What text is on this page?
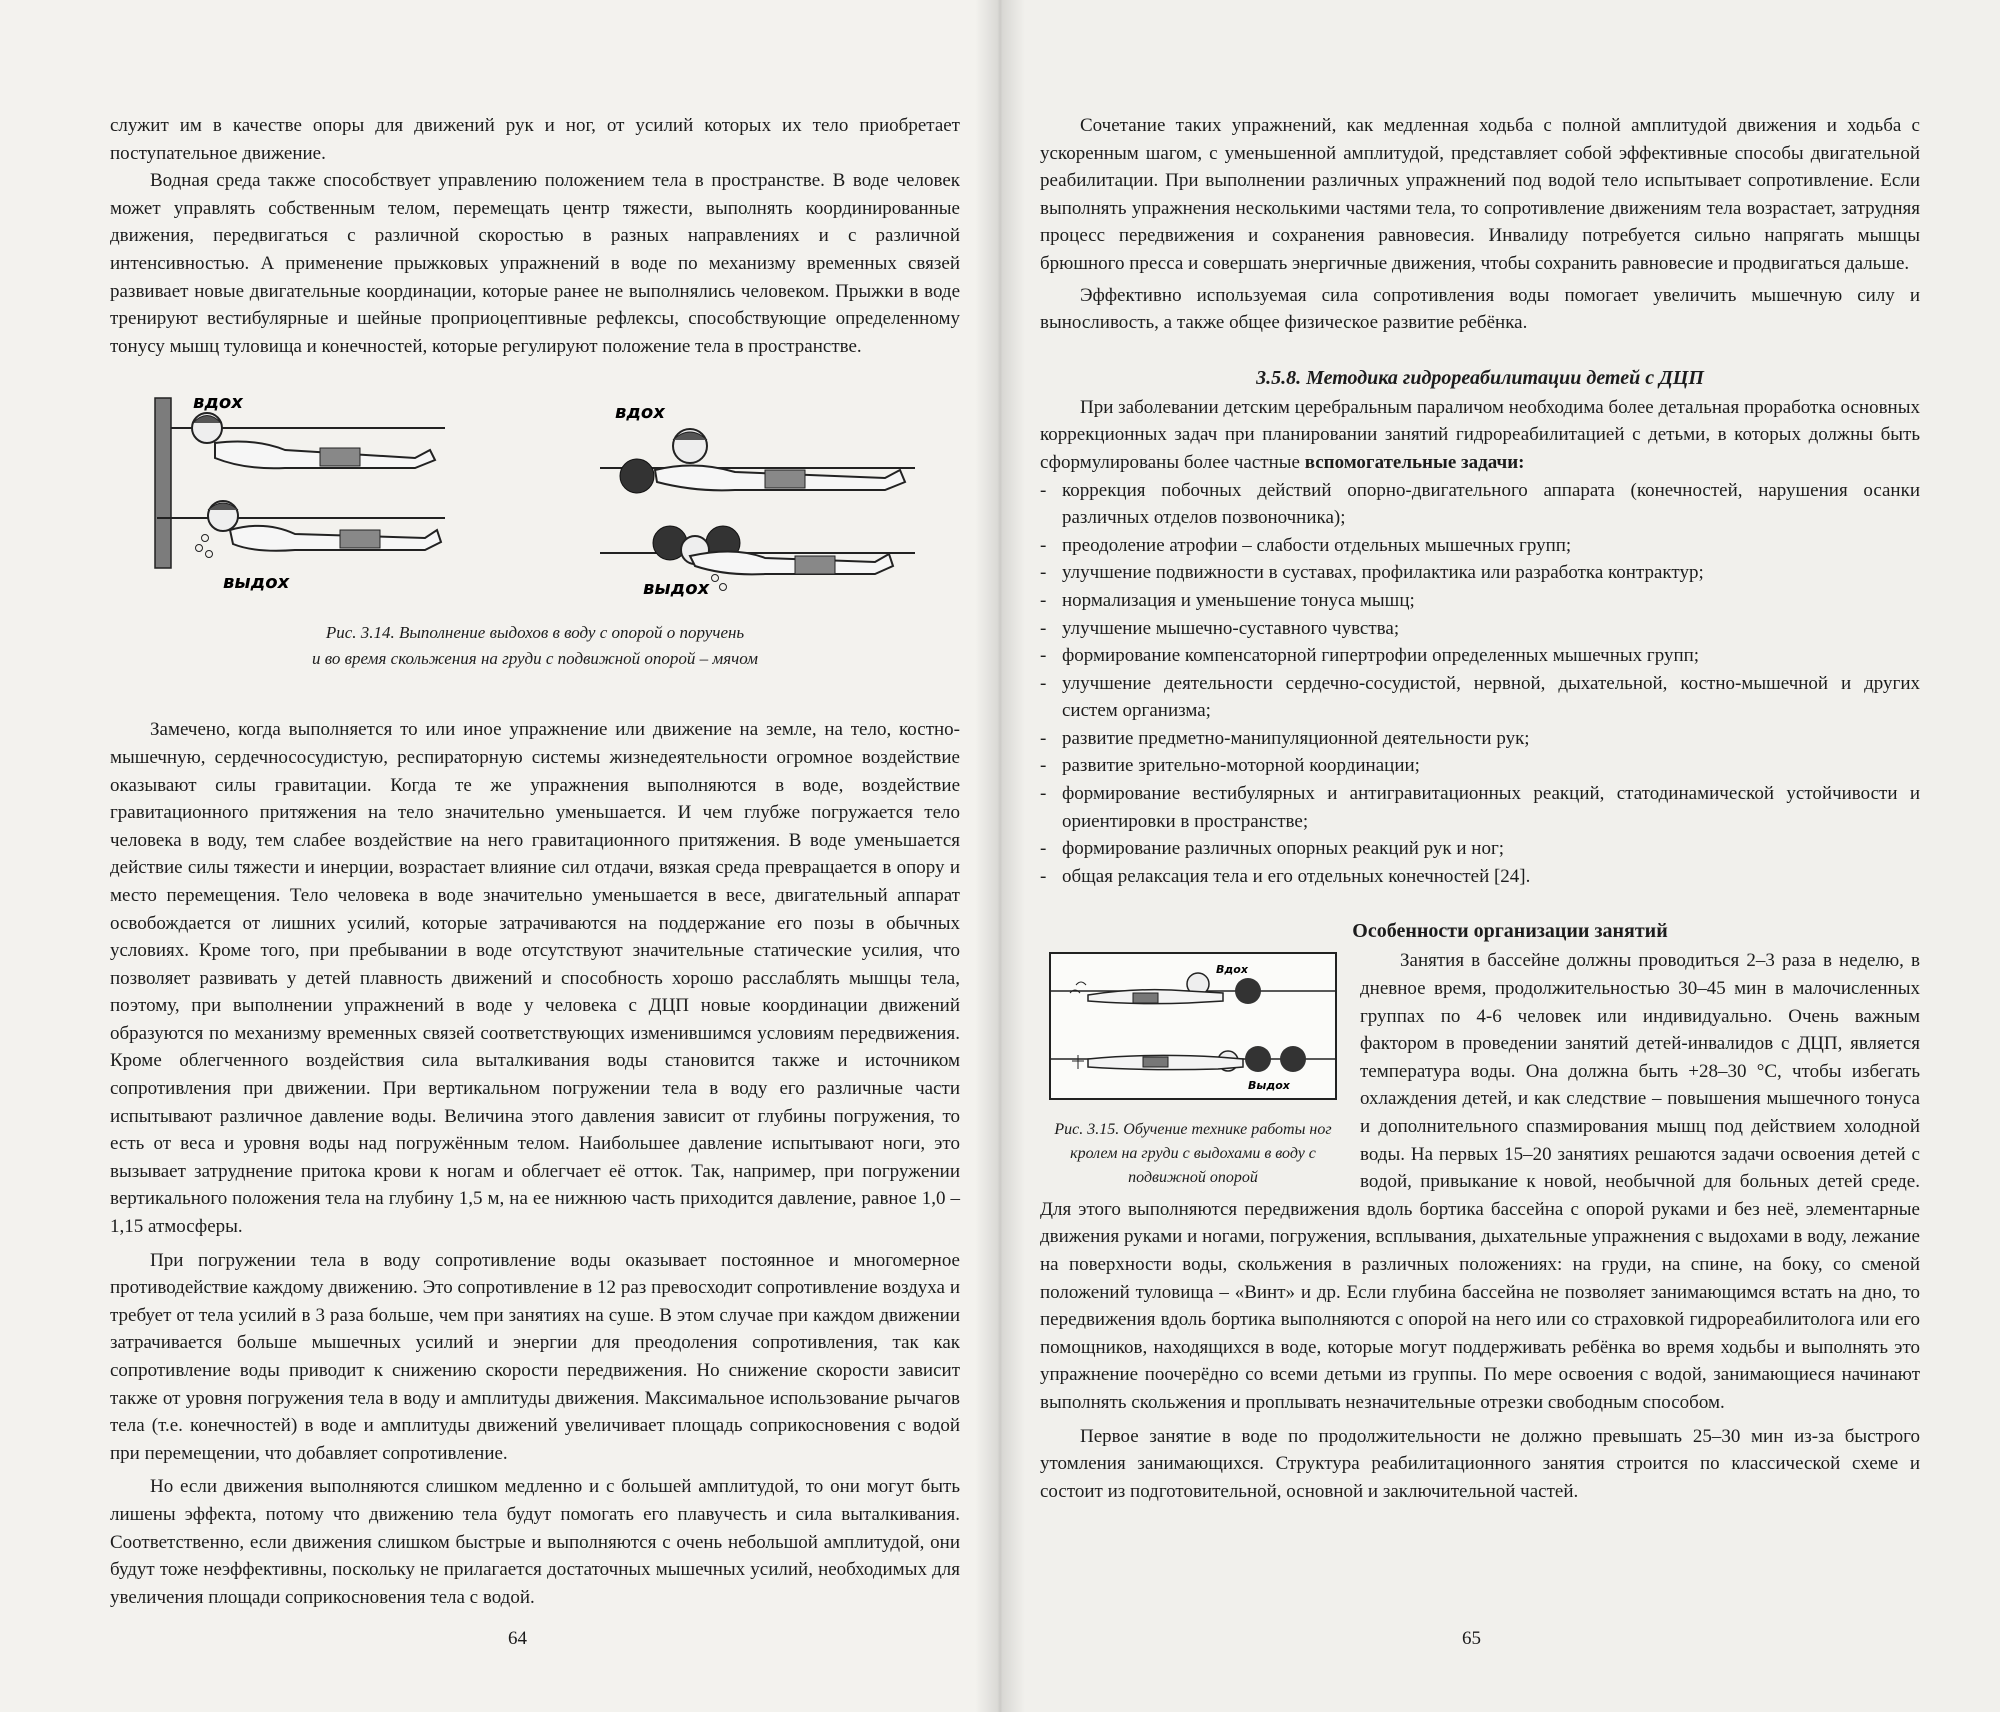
служит им в качестве опоры для движений рук и ног, от усилий которых их тело приобретает поступательное движение.

Водная среда также способствует управлению положением тела в пространстве. В воде человек может управлять собственным телом, перемещать центр тяжести, выполнять координированные движения, передвигаться с различной скоростью в разных направлениях и с различной интенсивностью. А применение прыжковых упражнений в воде по механизму временных связей развивает новые двигательные координации, которые ранее не выполнялись человеком. Прыжки в воде тренируют вестибулярные и шейные проприоцептивные рефлексы, способствующие определенному тонусу мышц туловища и конечностей, которые регулируют положение тела в пространстве.

вдох
выдох
вдох
выдох
Рис. 3.14. Выполнение выдохов в воду с опорой о поручень
и во время скольжения на груди с подвижной опорой – мячом

Замечено, когда выполняется то или иное упражнение или движение на земле, на тело, костно-мышечную, сердечнососудистую, респираторную системы жизнедеятельности огромное воздействие оказывают силы гравитации. Когда те же упражнения выполняются в воде, воздействие гравитационного притяжения на тело значительно уменьшается. И чем глубже погружается тело человека в воду, тем слабее воздействие на него гравитационного притяжения. В воде уменьшается действие силы тяжести и инерции, возрастает влияние сил отдачи, вязкая среда превращается в опору и место перемещения. Тело человека в воде значительно уменьшается в весе, двигательный аппарат освобождается от лишних усилий, которые затрачиваются на поддержание его позы в обычных условиях. Кроме того, при пребывании в воде отсутствуют значительные статические усилия, что позволяет развивать у детей плавность движений и способность хорошо расслаблять мышцы тела, поэтому, при выполнении упражнений в воде у человека с ДЦП новые координации движений образуются по механизму временных связей соответствующих изменившимся условиям передвижения. Кроме облегченного воздействия сила выталкивания воды становится также и источником сопротивления при движении. При вертикальном погружении тела в воду его различные части испытывают различное давление воды. Величина этого давления зависит от глубины погружения, то есть от веса и уровня воды над погружённым телом. Наибольшее давление испытывают ноги, это вызывает затруднение притока крови к ногам и облегчает её отток. Так, например, при погружении вертикального положения тела на глубину 1,5 м, на ее нижнюю часть приходится давление, равное 1,0 –1,15 атмосферы.

При погружении тела в воду сопротивление воды оказывает постоянное и многомерное противодействие каждому движению. Это сопротивление в 12 раз превосходит сопротивление воздуха и требует от тела усилий в 3 раза больше, чем при занятиях на суше. В этом случае при каждом движении затрачивается больше мышечных усилий и энергии для преодоления сопротивления, так как сопротивление воды приводит к снижению скорости передвижения. Но снижение скорости зависит также от уровня погружения тела в воду и амплитуды движения. Максимальное использование рычагов тела (т.е. конечностей) в воде и амплитуды движений увеличивает площадь соприкосновения с водой при перемещении, что добавляет сопротивление.

Но если движения выполняются слишком медленно и с большей амплитудой, то они могут быть лишены эффекта, потому что движению тела будут помогать его плавучесть и сила выталкивания. Соответственно, если движения слишком быстрые и выполняются с очень небольшой амплитудой, они будут тоже неэффективны, поскольку не прилагается достаточных мышечных усилий, необходимых для увеличения площади соприкосновения тела с водой.

64

Сочетание таких упражнений, как медленная ходьба с полной амплитудой движения и ходьба с ускоренным шагом, с уменьшенной амплитудой, представляет собой эффективные способы двигательной реабилитации. При выполнении различных упражнений под водой тело испытывает сопротивление. Если выполнять упражнения несколькими частями тела, то сопротивление движениям тела возрастает, затрудняя процесс передвижения и сохранения равновесия. Инвалиду потребуется сильно напрягать мышцы брюшного пресса и совершать энергичные движения, чтобы сохранить равновесие и продвигаться дальше.

Эффективно используемая сила сопротивления воды помогает увеличить мышечную силу и выносливость, а также общее физическое развитие ребёнка.

3.5.8. Методика гидрореабилитации детей с ДЦП

При заболевании детским церебральным параличом необходима более детальная проработка основных коррекционных задач при планировании занятий гидрореабилитацией с детьми, в которых должны быть сформулированы более частные вспомогательные задачи:

- коррекция побочных действий опорно-двигательного аппарата (конечностей, нарушения осанки различных отделов позвоночника);
- преодоление атрофии – слабости отдельных мышечных групп;
- улучшение подвижности в суставах, профилактика или разработка контрактур;
- нормализация и уменьшение тонуса мышц;
- улучшение мышечно-суставного чувства;
- формирование компенсаторной гипертрофии определенных мышечных групп;
- улучшение деятельности сердечно-сосудистой, нервной, дыхательной, костно-мышечной и других систем организма;
- развитие предметно-манипуляционной деятельности рук;
- развитие зрительно-моторной координации;
- формирование вестибулярных и антигравитационных реакций, статодинамической устойчивости и ориентировки в пространстве;
- формирование различных опорных реакций рук и ног;
- общая релаксация тела и его отдельных конечностей [24].
Особенности организации занятий
Вдох
Выдох
Рис. 3.15. Обучение технике работы ног кролем на груди с выдохами в воду с подвижной опорой

Занятия в бассейне должны проводиться 2–3 раза в неделю, в дневное время, продолжительностью 30–45 мин в малочисленных группах по 4-6 человек или индивидуально. Очень важным фактором в проведении занятий детей-инвалидов с ДЦП, является температура воды. Она должна быть +28–30 °С, чтобы избегать охлаждения детей, и как следствие – повышения мышечного тонуса и дополнительного спазмирования мышц под действием холодной воды. На первых 15–20 занятиях решаются задачи освоения детей с водой, привыкание к новой, необычной для больных детей среде. Для этого выполняются передвижения вдоль бортика бассейна с опорой руками и без неё, элементарные движения руками и ногами, погружения, всплывания, дыхательные упражнения с выдохами в воду, лежание на поверхности воды, скольжения в различных положениях: на груди, на спине, на боку, со сменой положений туловища – «Винт» и др. Если глубина бассейна не позволяет занимающимся встать на дно, то передвижения вдоль бортика выполняются с опорой на него или со страховкой гидрореабилитолога или его помощников, находящихся в воде, которые могут поддерживать ребёнка во время ходьбы и выполнять это упражнение поочерёдно со всеми детьми из группы. По мере освоения с водой, занимающиеся начинают выполнять скольжения и проплывать незначительные отрезки свободным способом.

Первое занятие в воде по продолжительности не должно превышать 25–30 мин из-за быстрого утомления занимающихся. Структура реабилитационного занятия строится по классической схеме и состоит из подготовительной, основной и заключительной частей.

65
